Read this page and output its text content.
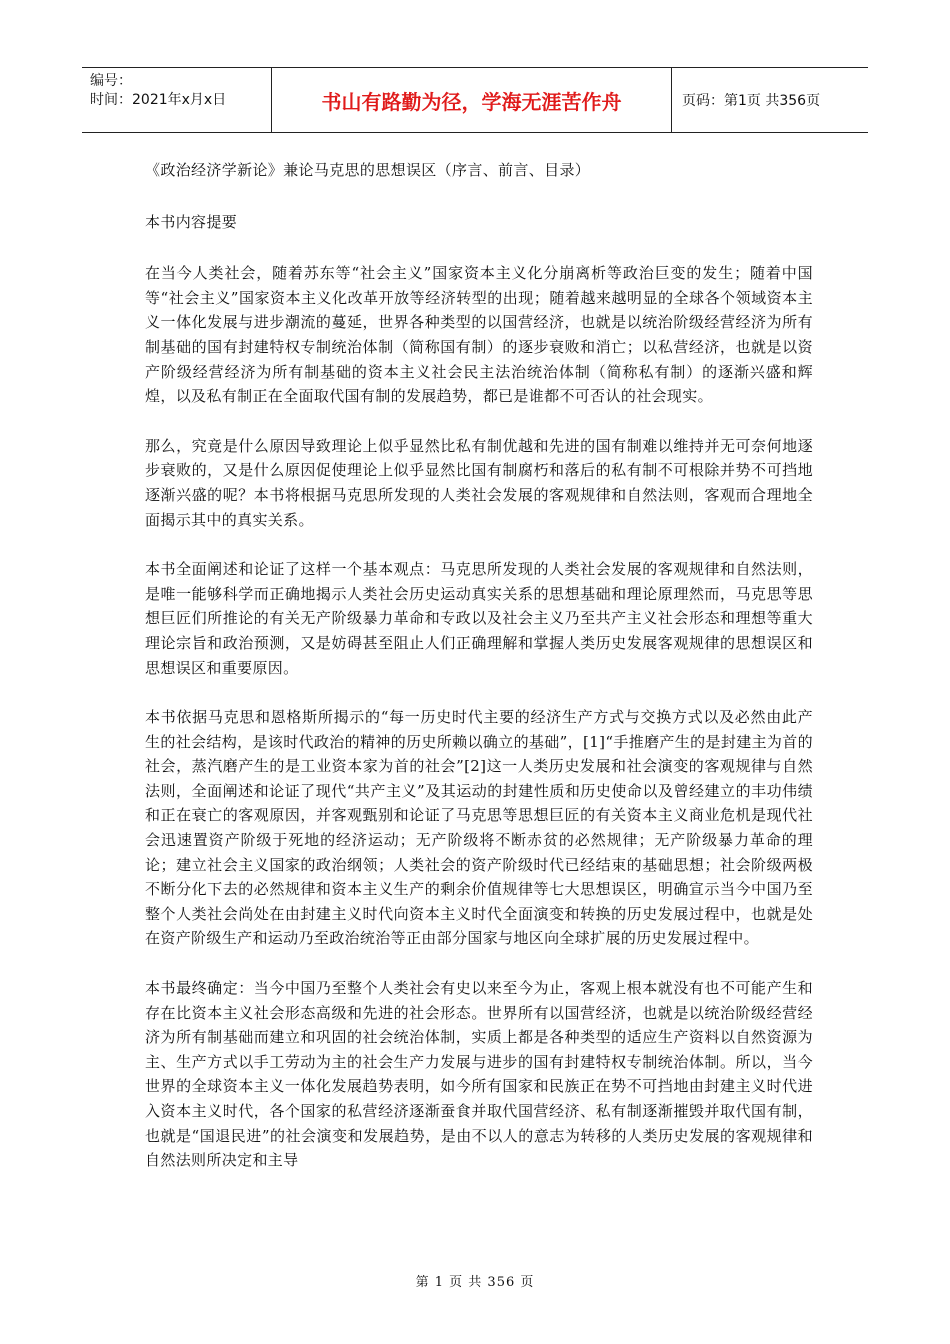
编号：
时间：2021年x月x日	书山有路勤为径，学海无涯苦作舟	页码：第1页 共356页
《政治经济学新论》兼论马克思的思想误区（序言、前言、目录）
本书内容提要

在当今人类社会，随着苏东等“社会主义”国家资本主义化分崩离析等政治巨变的发生；随着中国等“社会主义”国家资本主义化改革开放等经济转型的出现；随着越来越明显的全球各个领域资本主义一体化发展与进步潮流的蔓延，世界各种类型的以国营经济，也就是以统治阶级经营经济为所有制基础的国有封建特权专制统治体制（简称国有制）的逐步衰败和消亡；以私营经济，也就是以资产阶级经营经济为所有制基础的资本主义社会民主法治统治体制（简称私有制）的逐渐兴盛和辉煌，以及私有制正在全面取代国有制的发展趋势，都已是谁都不可否认的社会现实。

那么，究竟是什么原因导致理论上似乎显然比私有制优越和先进的国有制难以维持并无可奈何地逐步衰败的，又是什么原因促使理论上似乎显然比国有制腐朽和落后的私有制不可根除并势不可挡地逐渐兴盛的呢？本书将根据马克思所发现的人类社会发展的客观规律和自然法则，客观而合理地全面揭示其中的真实关系。

本书全面阐述和论证了这样一个基本观点：马克思所发现的人类社会发展的客观规律和自然法则，是唯一能够科学而正确地揭示人类社会历史运动真实关系的思想基础和理论原理然而，马克思等思想巨匠们所推论的有关无产阶级暴力革命和专政以及社会主义乃至共产主义社会形态和理想等重大理论宗旨和政治预测，又是妨碍甚至阻止人们正确理解和掌握人类历史发展客观规律的思想误区和思想误区和重要原因。

本书依据马克思和恩格斯所揭示的“每一历史时代主要的经济生产方式与交换方式以及必然由此产生的社会结构，是该时代政治的精神的历史所赖以确立的基础”，[1]“手推磨产生的是封建主为首的社会，蒸汽磨产生的是工业资本家为首的社会”[2]这一人类历史发展和社会演变的客观规律与自然法则，全面阐述和论证了现代“共产主义”及其运动的封建性质和历史使命以及曾经建立的丰功伟绩和正在衰亡的客观原因，并客观甄别和论证了马克思等思想巨匠的有关资本主义商业危机是现代社会迅速置资产阶级于死地的经济运动；无产阶级将不断赤贫的必然规律；无产阶级暴力革命的理论；建立社会主义国家的政治纲领；人类社会的资产阶级时代已经结束的基础思想；社会阶级两极不断分化下去的必然规律和资本主义生产的剩余价值规律等七大思想误区，明确宣示当今中国乃至整个人类社会尚处在由封建主义时代向资本主义时代全面演变和转换的历史发展过程中，也就是处在资产阶级生产和运动乃至政治统治等正由部分国家与地区向全球扩展的历史发展过程中。

本书最终确定：当今中国乃至整个人类社会有史以来至今为止，客观上根本就没有也不可能产生和存在比资本主义社会形态高级和先进的社会形态。世界所有以国营经济，也就是以统治阶级经营经济为所有制基础而建立和巩固的社会统治体制，实质上都是各种类型的适应生产资料以自然资源为主、生产方式以手工劳动为主的社会生产力发展与进步的国有封建特权专制统治体制。所以，当今世界的全球资本主义一体化发展趋势表明，如今所有国家和民族正在势不可挡地由封建主义时代进入资本主义时代，各个国家的私营经济逐渐蚕食并取代国营经济、私有制逐渐摧毁并取代国有制，也就是“国退民进”的社会演变和发展趋势，是由不以人的意志为转移的人类历史发展的客观规律和自然法则所决定和主导

第 1 页 共 356 页
